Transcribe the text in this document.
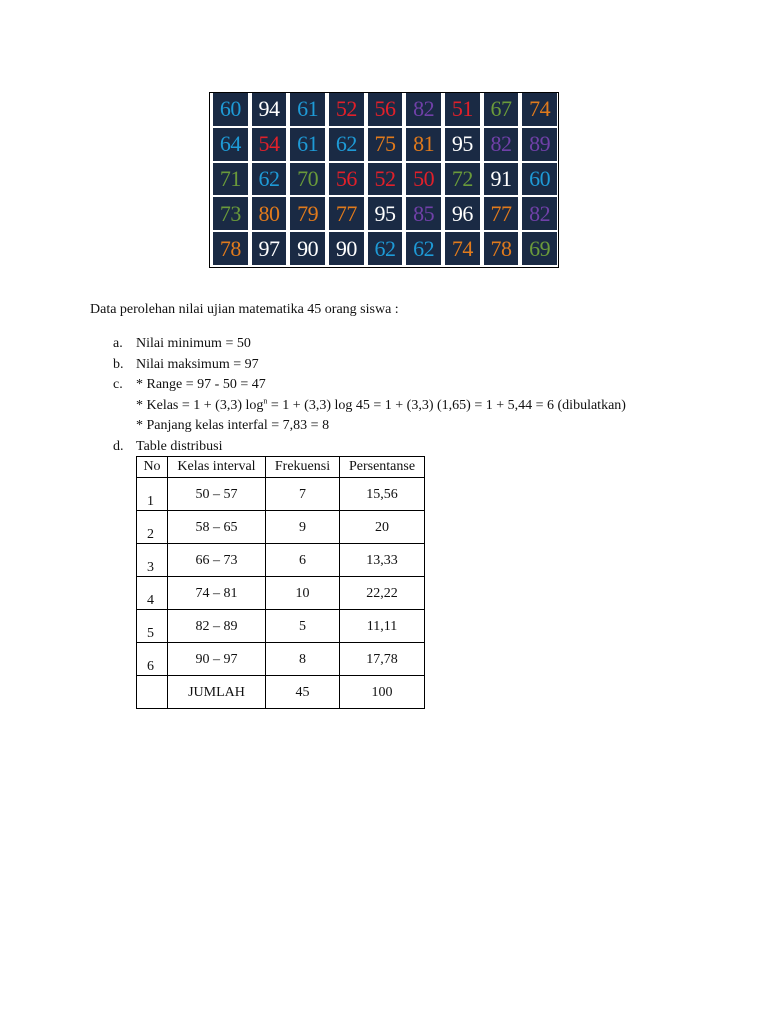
60 94 61 52 56 82 51 67 74
64 54 61 62 75 81 95 82 89
71 62 70 56 52 50 72 91 60
73 80 79 77 95 85 96 77 82
78 97 90 90 62 62 74 78 69

Data perolehan nilai ujian matematika 45 orang siswa :

a. Nilai minimum = 50
b. Nilai maksimum = 97
c. * Range = 97 - 50 = 47
* Kelas = 1 + (3,3) $\log^n = 1 + (3,3)$ log 45 = 1 + (3,3) (1,65) = 1 + 5,44 = 6 (dibulatkan)
* Panjang kelas interfal = 7,83 = 8
d. Table distribusi
No	Kelas interval	Frekuensi	Persentanse
1	50 – 57	7	15,56
2	58 – 65	9	20
3	66 – 73	6	13,33
4	74 – 81	10	22,22
5	82 – 89	5	11,11
6	90 – 97	8	17,78
	JUMLAH	45	100
